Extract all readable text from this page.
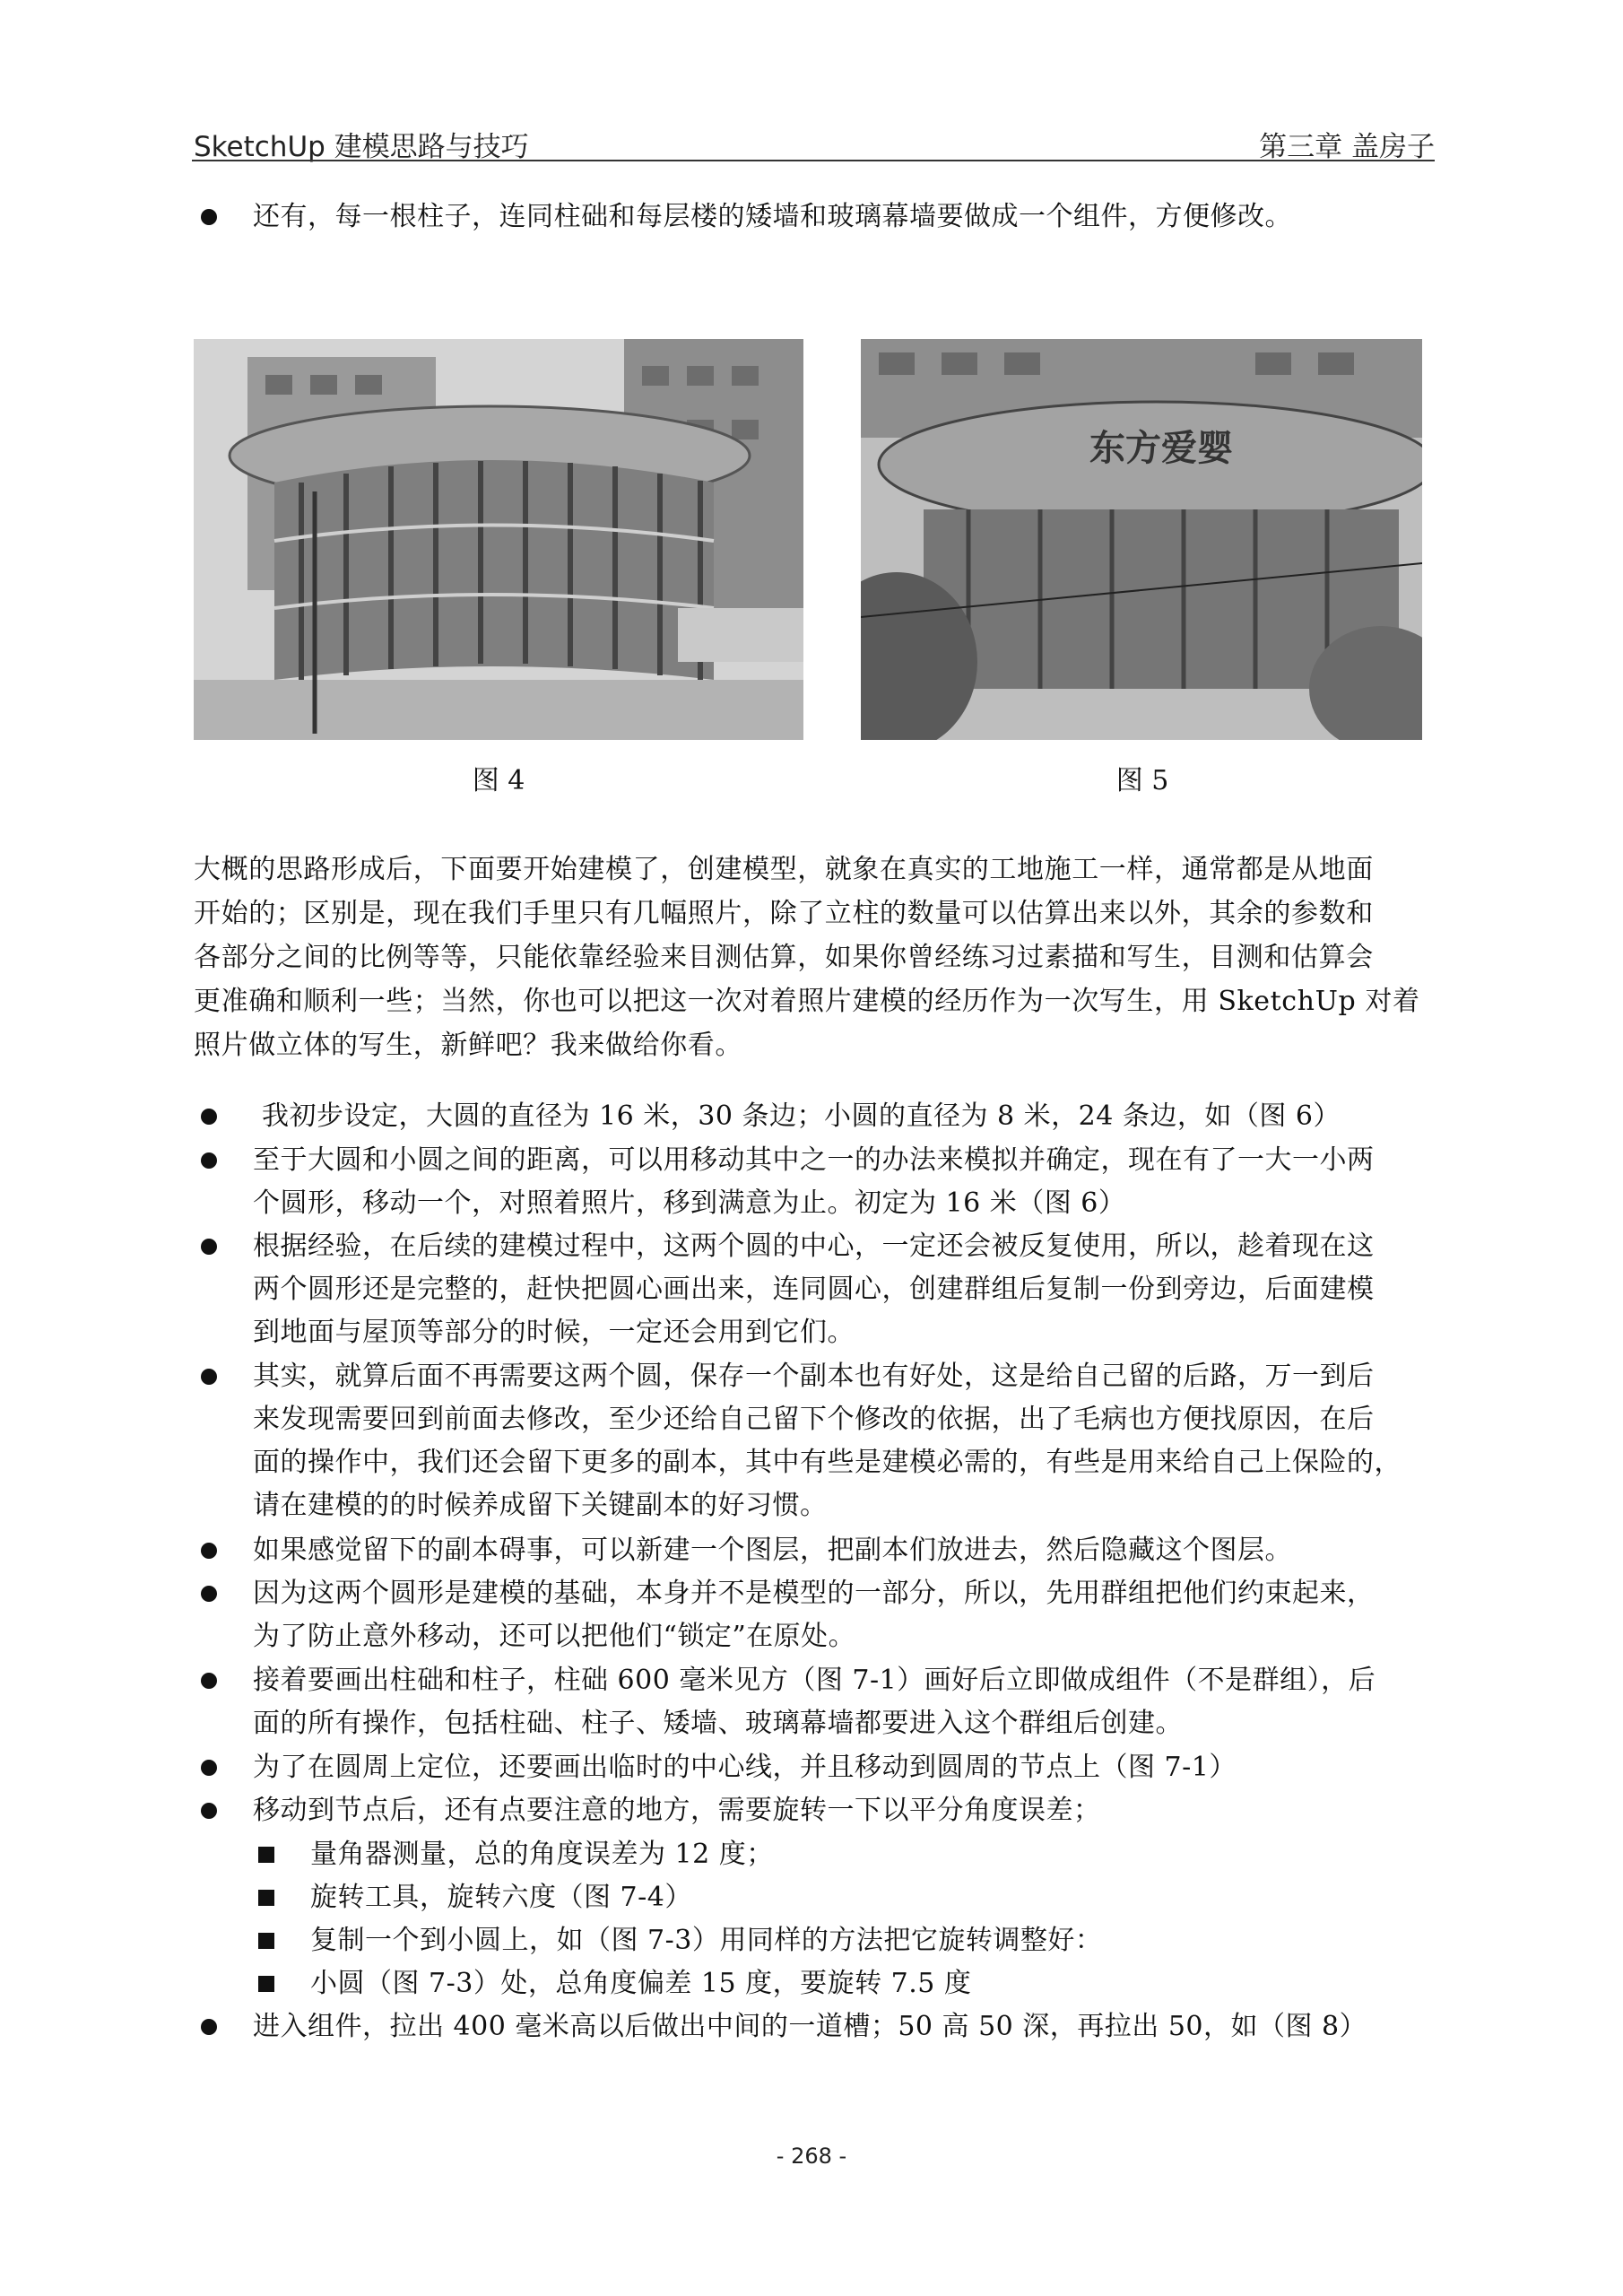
SketchUp 建模思路与技巧	第三章 盖房子
还有，每一根柱子，连同柱础和每层楼的矮墙和玻璃幕墙要做成一个组件，方便修改。
图 4
东方爱婴
图 5
大概的思路形成后，下面要开始建模了，创建模型，就象在真实的工地施工一样，通常都是从地面
开始的；区别是，现在我们手里只有几幅照片，除了立柱的数量可以估算出来以外，其余的参数和
各部分之间的比例等等，只能依靠经验来目测估算，如果你曾经练习过素描和写生，目测和估算会
更准确和顺利一些；当然，你也可以把这一次对着照片建模的经历作为一次写生，用 SketchUp 对着
照片做立体的写生，新鲜吧？我来做给你看。
我初步设定，大圆的直径为 16 米，30 条边；小圆的直径为 8 米，24 条边，如（图 6）
至于大圆和小圆之间的距离，可以用移动其中之一的办法来模拟并确定，现在有了一大一小两
个圆形，移动一个，对照着照片，移到满意为止。初定为 16 米（图 6）
根据经验，在后续的建模过程中，这两个圆的中心，一定还会被反复使用，所以，趁着现在这
两个圆形还是完整的，赶快把圆心画出来，连同圆心，创建群组后复制一份到旁边，后面建模
到地面与屋顶等部分的时候，一定还会用到它们。
其实，就算后面不再需要这两个圆，保存一个副本也有好处，这是给自己留的后路，万一到后
来发现需要回到前面去修改，至少还给自己留下个修改的依据，出了毛病也方便找原因，在后
面的操作中，我们还会留下更多的副本，其中有些是建模必需的，有些是用来给自己上保险的，
请在建模的的时候养成留下关键副本的好习惯。
如果感觉留下的副本碍事，可以新建一个图层，把副本们放进去，然后隐藏这个图层。
因为这两个圆形是建模的基础，本身并不是模型的一部分，所以，先用群组把他们约束起来，
为了防止意外移动，还可以把他们“锁定”在原处。
接着要画出柱础和柱子，柱础 600 毫米见方（图 7-1）画好后立即做成组件（不是群组），后
面的所有操作，包括柱础、柱子、矮墙、玻璃幕墙都要进入这个群组后创建。
为了在圆周上定位，还要画出临时的中心线，并且移动到圆周的节点上（图 7-1）
移动到节点后，还有点要注意的地方，需要旋转一下以平分角度误差；
量角器测量，总的角度误差为 12 度；
旋转工具，旋转六度（图 7-4）
复制一个到小圆上，如（图 7-3）用同样的方法把它旋转调整好：
小圆（图 7-3）处，总角度偏差 15 度，要旋转 7.5 度
进入组件，拉出 400 毫米高以后做出中间的一道槽；50 高 50 深，再拉出 50，如（图 8）
- 268 -
